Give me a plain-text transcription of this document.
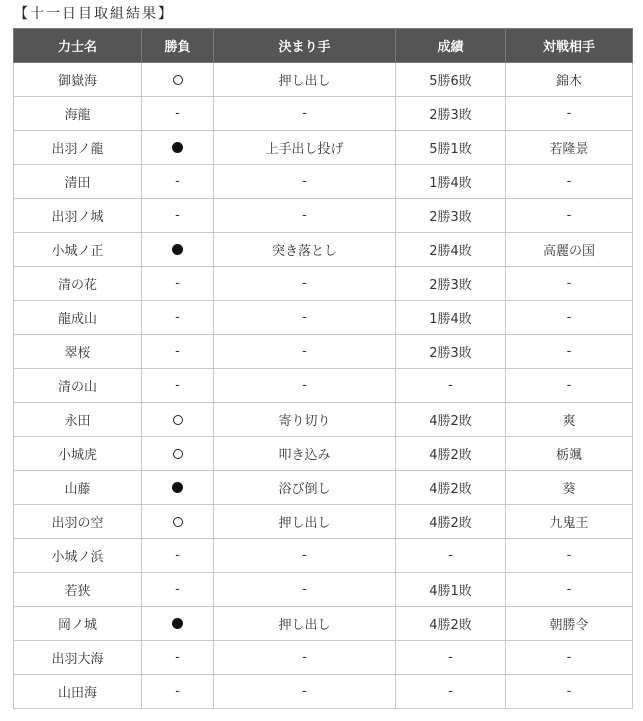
【十一日目取組結果】
力士名	勝負	決まり手	成績	対戦相手
御嶽海		押し出し	5勝6敗	錦木
海龍	-	-	2勝3敗	-
出羽ノ龍		上手出し投げ	5勝1敗	若隆景
清田	-	-	1勝4敗	-
出羽ノ城	-	-	2勝3敗	-
小城ノ正		突き落とし	2勝4敗	高麗の国
清の花	-	-	2勝3敗	-
龍成山	-	-	1勝4敗	-
翠桜	-	-	2勝3敗	-
清の山	-	-	-	-
永田		寄り切り	4勝2敗	爽
小城虎		叩き込み	4勝2敗	栃颯
山藤		浴び倒し	4勝2敗	葵
出羽の空		押し出し	4勝2敗	九鬼王
小城ノ浜	-	-	-	-
若狭	-	-	4勝1敗	-
岡ノ城		押し出し	4勝2敗	朝勝令
出羽大海	-	-	-	-
山田海	-	-	-	-
